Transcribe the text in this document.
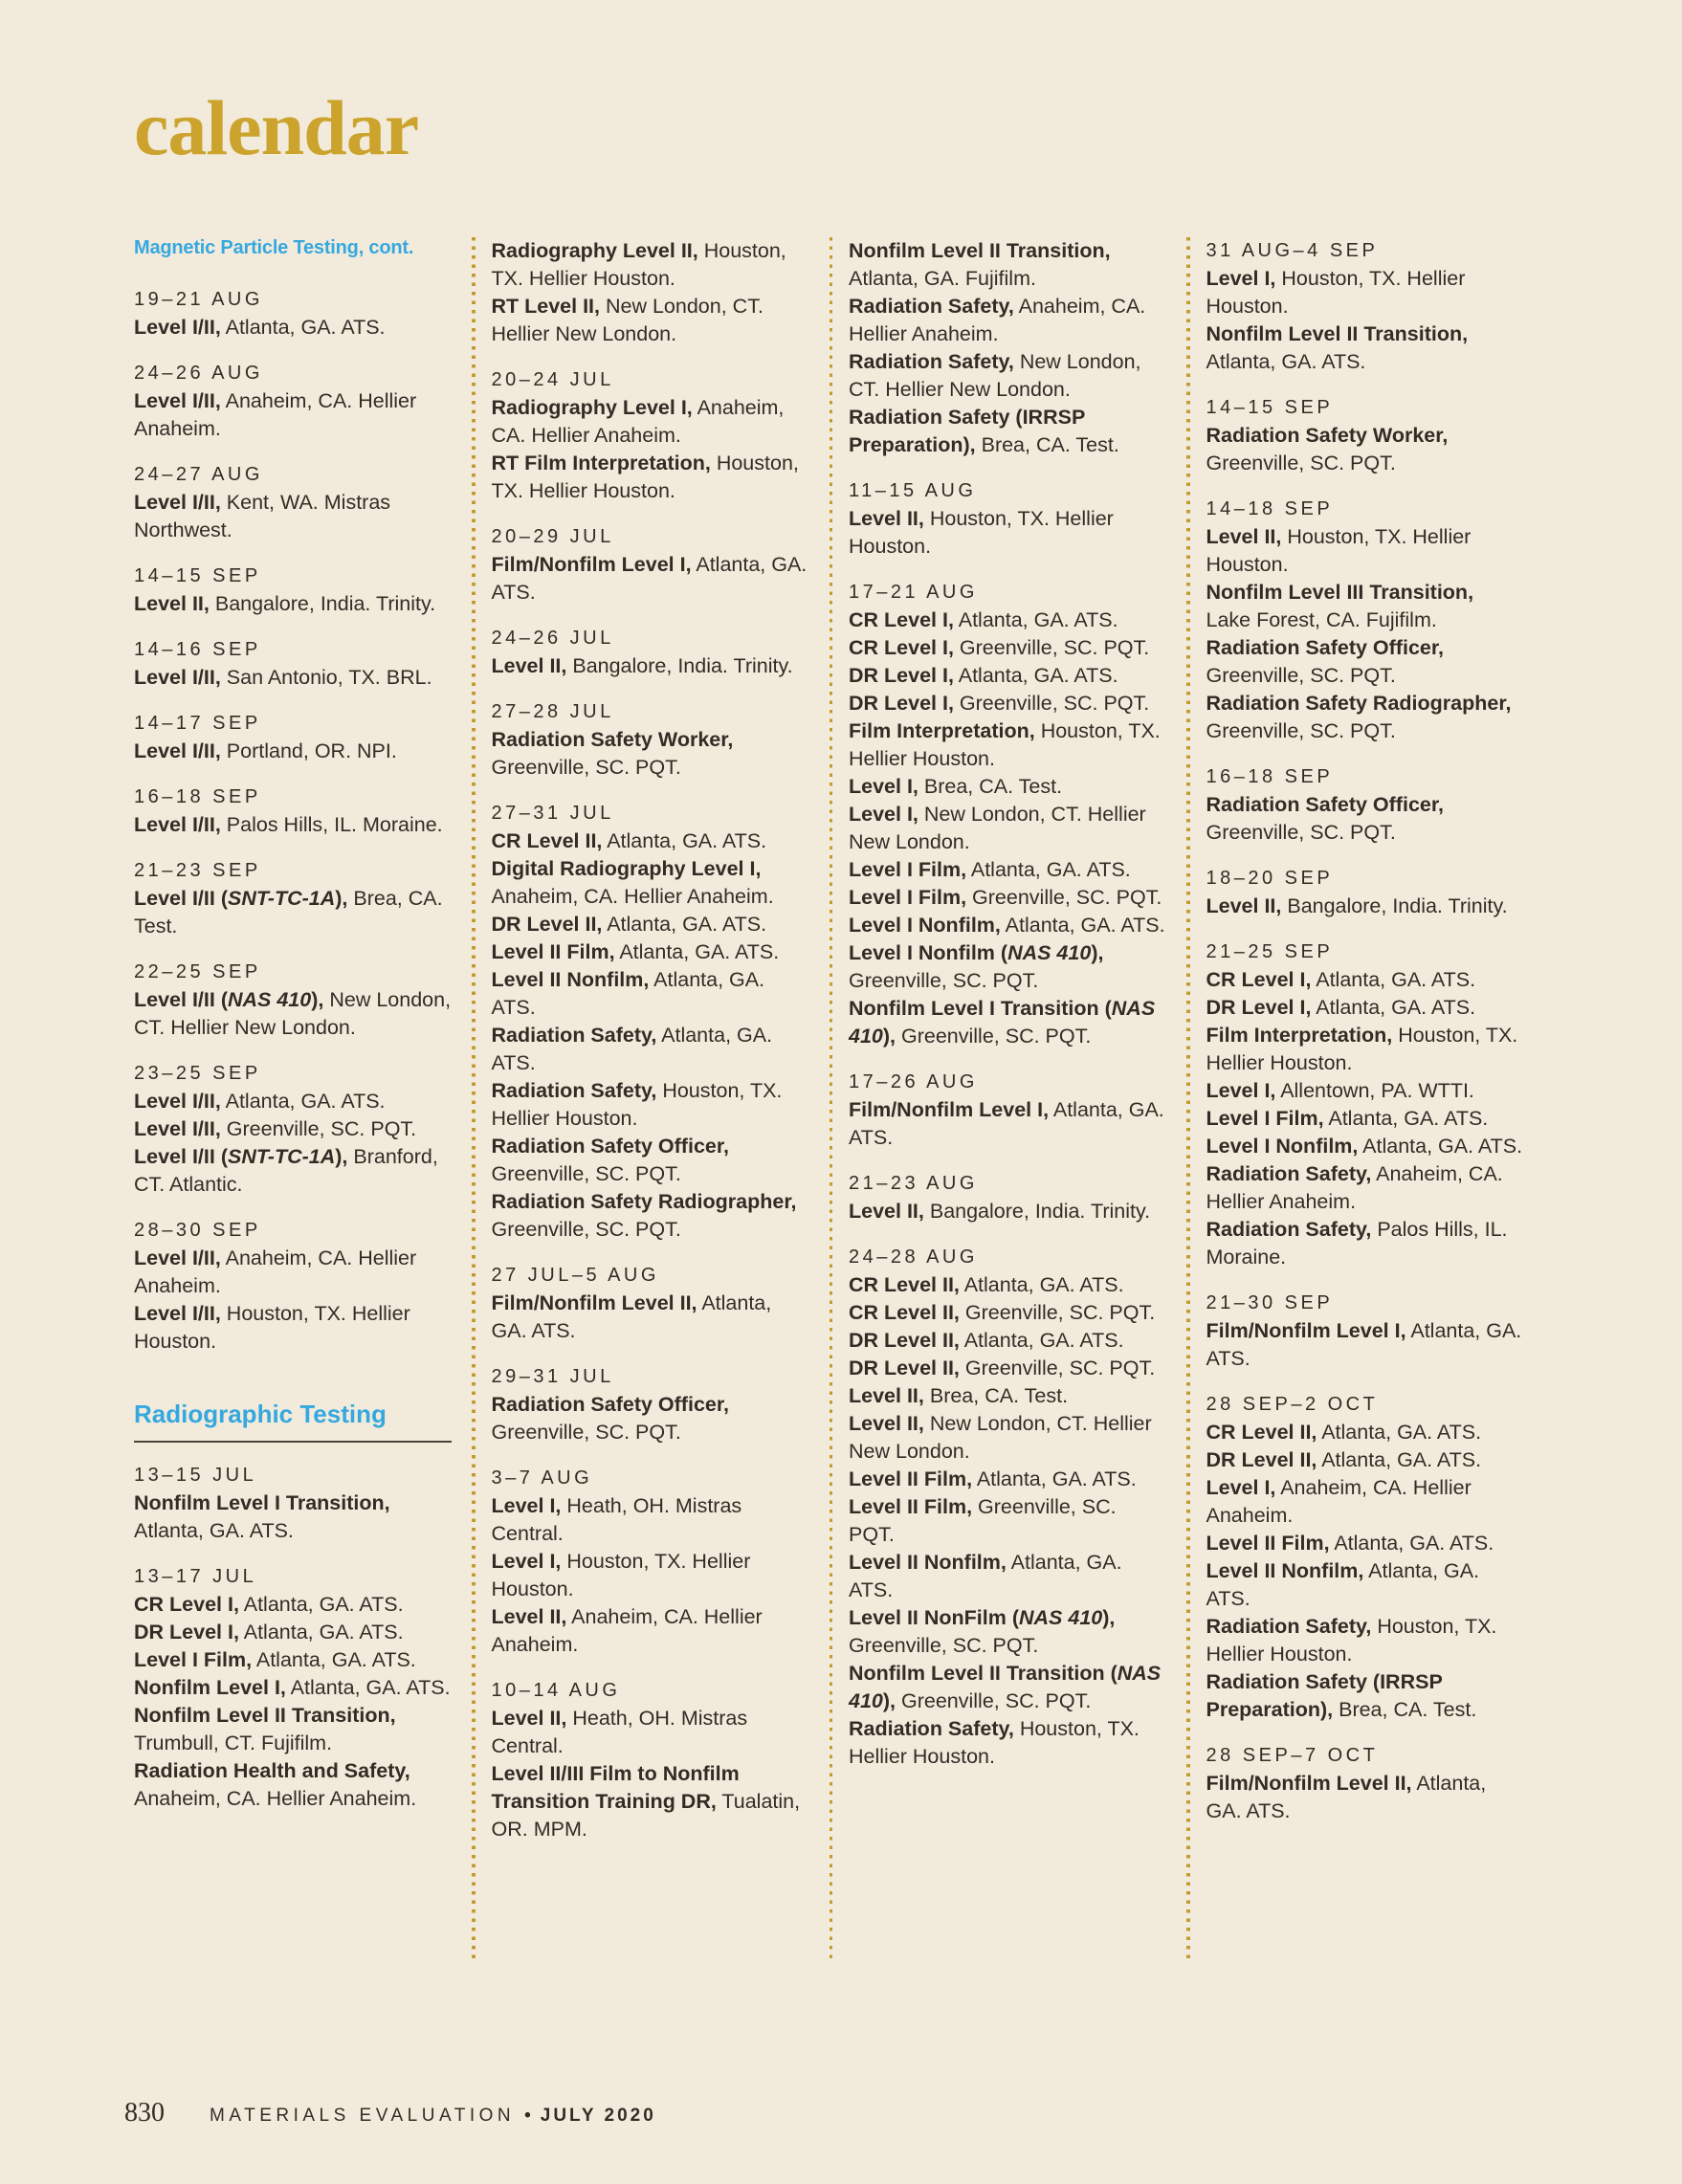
calendar
Magnetic Particle Testing, cont.
19–21 AUG
Level I/II, Atlanta, GA. ATS.
24–26 AUG
Level I/II, Anaheim, CA. Hellier Anaheim.
24–27 AUG
Level I/II, Kent, WA. Mistras Northwest.
14–15 SEP
Level II, Bangalore, India. Trinity.
14–16 SEP
Level I/II, San Antonio, TX. BRL.
14–17 SEP
Level I/II, Portland, OR. NPI.
16–18 SEP
Level I/II, Palos Hills, IL. Moraine.
21–23 SEP
Level I/II (SNT-TC-1A), Brea, CA. Test.
22–25 SEP
Level I/II (NAS 410), New London, CT. Hellier New London.
23–25 SEP
Level I/II, Atlanta, GA. ATS.
Level I/II, Greenville, SC. PQT.
Level I/II (SNT-TC-1A), Branford, CT. Atlantic.
28–30 SEP
Level I/II, Anaheim, CA. Hellier Anaheim.
Level I/II, Houston, TX. Hellier Houston.
Radiographic Testing
13–15 JUL
Nonfilm Level I Transition, Atlanta, GA. ATS.
13–17 JUL
CR Level I, Atlanta, GA. ATS.
DR Level I, Atlanta, GA. ATS.
Level I Film, Atlanta, GA. ATS.
Nonfilm Level I, Atlanta, GA. ATS.
Nonfilm Level II Transition, Trumbull, CT. Fujifilm.
Radiation Health and Safety, Anaheim, CA. Hellier Anaheim.
Radiography Level II, Houston, TX. Hellier Houston.
RT Level II, New London, CT. Hellier New London.
20–24 JUL
Radiography Level I, Anaheim, CA. Hellier Anaheim.
RT Film Interpretation, Houston, TX. Hellier Houston.
20–29 JUL
Film/Nonfilm Level I, Atlanta, GA. ATS.
24–26 JUL
Level II, Bangalore, India. Trinity.
27–28 JUL
Radiation Safety Worker, Greenville, SC. PQT.
27–31 JUL
CR Level II, Atlanta, GA. ATS.
Digital Radiography Level I, Anaheim, CA. Hellier Anaheim.
DR Level II, Atlanta, GA. ATS.
Level II Film, Atlanta, GA. ATS.
Level II Nonfilm, Atlanta, GA. ATS.
Radiation Safety, Atlanta, GA. ATS.
Radiation Safety, Houston, TX. Hellier Houston.
Radiation Safety Officer, Greenville, SC. PQT.
Radiation Safety Radiographer, Greenville, SC. PQT.
27 JUL–5 AUG
Film/Nonfilm Level II, Atlanta, GA. ATS.
29–31 JUL
Radiation Safety Officer, Greenville, SC. PQT.
3–7 AUG
Level I, Heath, OH. Mistras Central.
Level I, Houston, TX. Hellier Houston.
Level II, Anaheim, CA. Hellier Anaheim.
10–14 AUG
Level II, Heath, OH. Mistras Central.
Level II/III Film to Nonfilm Transition Training DR, Tualatin, OR. MPM.
Nonfilm Level II Transition, Atlanta, GA. Fujifilm.
Radiation Safety, Anaheim, CA. Hellier Anaheim.
Radiation Safety, New London, CT. Hellier New London.
Radiation Safety (IRRSP Preparation), Brea, CA. Test.
11–15 AUG
Level II, Houston, TX. Hellier Houston.
17–21 AUG
CR Level I, Atlanta, GA. ATS.
CR Level I, Greenville, SC. PQT.
DR Level I, Atlanta, GA. ATS.
DR Level I, Greenville, SC. PQT.
Film Interpretation, Houston, TX. Hellier Houston.
Level I, Brea, CA. Test.
Level I, New London, CT. Hellier New London.
Level I Film, Atlanta, GA. ATS.
Level I Film, Greenville, SC. PQT.
Level I Nonfilm, Atlanta, GA. ATS.
Level I Nonfilm (NAS 410), Greenville, SC. PQT.
Nonfilm Level I Transition (NAS 410), Greenville, SC. PQT.
17–26 AUG
Film/Nonfilm Level I, Atlanta, GA. ATS.
21–23 AUG
Level II, Bangalore, India. Trinity.
24–28 AUG
CR Level II, Atlanta, GA. ATS.
CR Level II, Greenville, SC. PQT.
DR Level II, Atlanta, GA. ATS.
DR Level II, Greenville, SC. PQT.
Level II, Brea, CA. Test.
Level II, New London, CT. Hellier New London.
Level II Film, Atlanta, GA. ATS.
Level II Film, Greenville, SC. PQT.
Level II Nonfilm, Atlanta, GA. ATS.
Level II NonFilm (NAS 410), Greenville, SC. PQT.
Nonfilm Level II Transition (NAS 410), Greenville, SC. PQT.
Radiation Safety, Houston, TX. Hellier Houston.
31 AUG–4 SEP
Level I, Houston, TX. Hellier Houston.
Nonfilm Level II Transition, Atlanta, GA. ATS.
14–15 SEP
Radiation Safety Worker, Greenville, SC. PQT.
14–18 SEP
Level II, Houston, TX. Hellier Houston.
Nonfilm Level III Transition, Lake Forest, CA. Fujifilm.
Radiation Safety Officer, Greenville, SC. PQT.
Radiation Safety Radiographer, Greenville, SC. PQT.
16–18 SEP
Radiation Safety Officer, Greenville, SC. PQT.
18–20 SEP
Level II, Bangalore, India. Trinity.
21–25 SEP
CR Level I, Atlanta, GA. ATS.
DR Level I, Atlanta, GA. ATS.
Film Interpretation, Houston, TX. Hellier Houston.
Level I, Allentown, PA. WTTI.
Level I Film, Atlanta, GA. ATS.
Level I Nonfilm, Atlanta, GA. ATS.
Radiation Safety, Anaheim, CA. Hellier Anaheim.
Radiation Safety, Palos Hills, IL. Moraine.
21–30 SEP
Film/Nonfilm Level I, Atlanta, GA. ATS.
28 SEP–2 OCT
CR Level II, Atlanta, GA. ATS.
DR Level II, Atlanta, GA. ATS.
Level I, Anaheim, CA. Hellier Anaheim.
Level II Film, Atlanta, GA. ATS.
Level II Nonfilm, Atlanta, GA. ATS.
Radiation Safety, Houston, TX. Hellier Houston.
Radiation Safety (IRRSP Preparation), Brea, CA. Test.
28 SEP–7 OCT
Film/Nonfilm Level II, Atlanta, GA. ATS.
830 MATERIALS EVALUATION • JULY 2020
